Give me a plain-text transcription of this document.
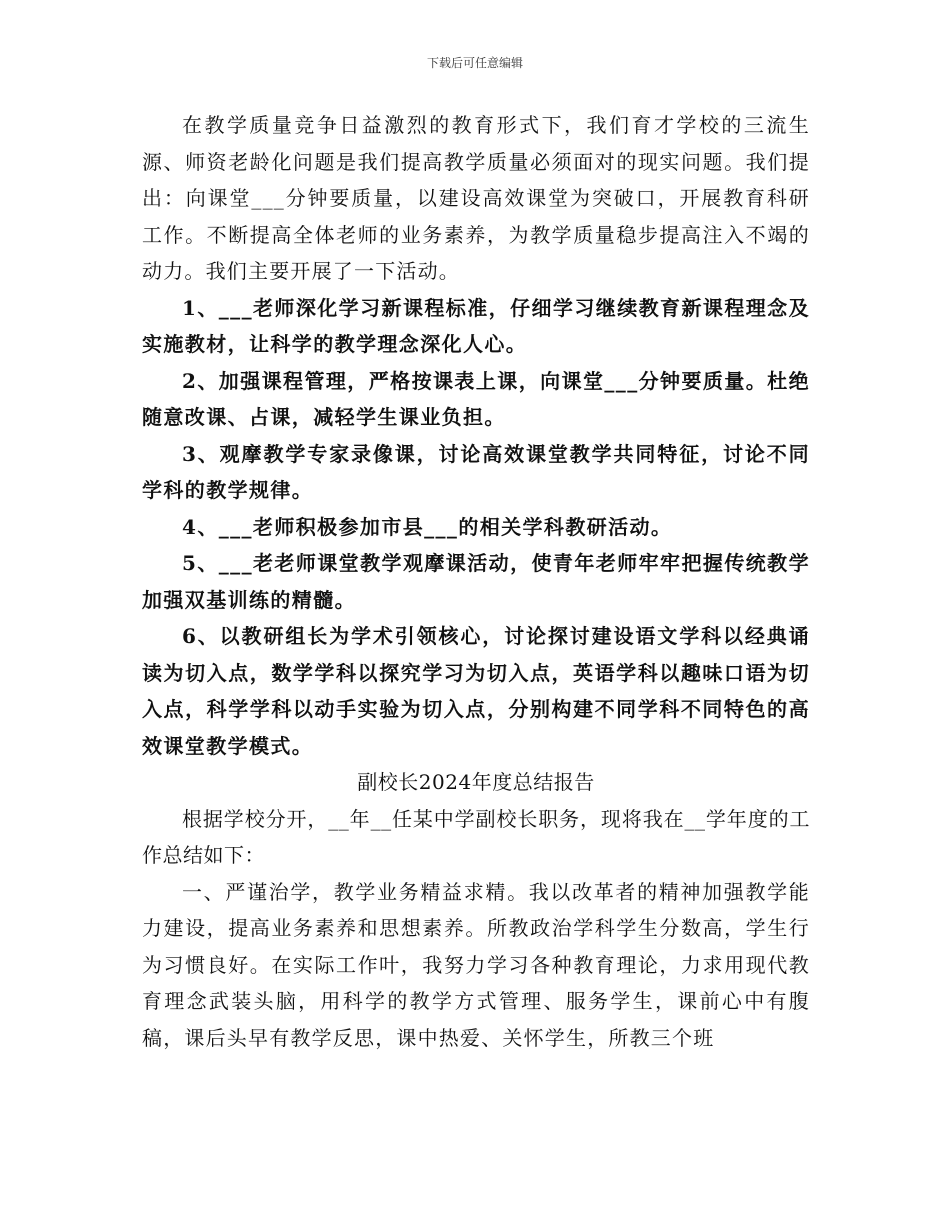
下载后可任意编辑

在教学质量竞争日益激烈的教育形式下，我们育才学校的三流生源、师资老龄化问题是我们提高教学质量必须面对的现实问题。我们提出：向课堂___分钟要质量，以建设高效课堂为突破口，开展教育科研工作。不断提高全体老师的业务素养，为教学质量稳步提高注入不竭的动力。我们主要开展了一下活动。

1、___老师深化学习新课程标准，仔细学习继续教育新课程理念及实施教材，让科学的教学理念深化人心。

2、加强课程管理，严格按课表上课，向课堂___分钟要质量。杜绝随意改课、占课，减轻学生课业负担。

3、观摩教学专家录像课，讨论高效课堂教学共同特征，讨论不同学科的教学规律。

4、___老师积极参加市县___的相关学科教研活动。

5、___老老师课堂教学观摩课活动，使青年老师牢牢把握传统教学加强双基训练的精髓。

6、以教研组长为学术引领核心，讨论探讨建设语文学科以经典诵读为切入点，数学学科以探究学习为切入点，英语学科以趣味口语为切入点，科学学科以动手实验为切入点，分别构建不同学科不同特色的高效课堂教学模式。

副校长2024年度总结报告

根据学校分开，__年__任某中学副校长职务，现将我在__学年度的工作总结如下：

一、严谨治学，教学业务精益求精。我以改革者的精神加强教学能力建设，提高业务素养和思想素养。所教政治学科学生分数高，学生行为习惯良好。在实际工作叶，我努力学习各种教育理论，力求用现代教育理念武装头脑，用科学的教学方式管理、服务学生，课前心中有腹稿，课后头早有教学反思，课中热爱、关怀学生，所教三个班
